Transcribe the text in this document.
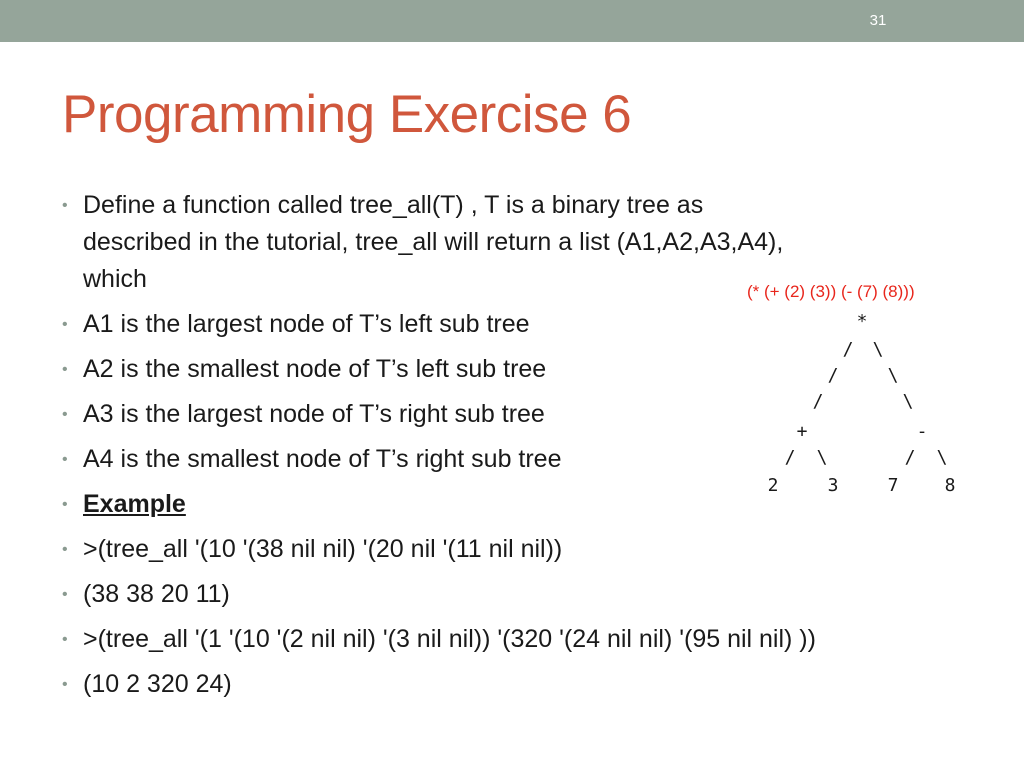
31
Programming Exercise 6
• Define a function called tree_all(T) , T is a binary tree as
described in the tutorial, tree_all will return a list (A1,A2,A3,A4),
which
• A1 is the largest node of T’s left sub tree
• A2 is the smallest node of T’s left sub tree
• A3 is the largest node of T’s right sub tree
• A4 is the smallest node of T’s right sub tree
• Example
• >(tree_all '(10 '(38 nil nil) '(20 nil '(11 nil nil))
• (38 38 20 11)
• >(tree_all '(1 '(10 '(2 nil nil) '(3 nil nil)) '(320 '(24 nil nil) '(95 nil nil) ))
• (10 2 320 24)
(* (+ (2) (3)) (- (7) (8)))
*
/ \
/	\
/	\
+	-
/ \	/ \
2	3	7	8
